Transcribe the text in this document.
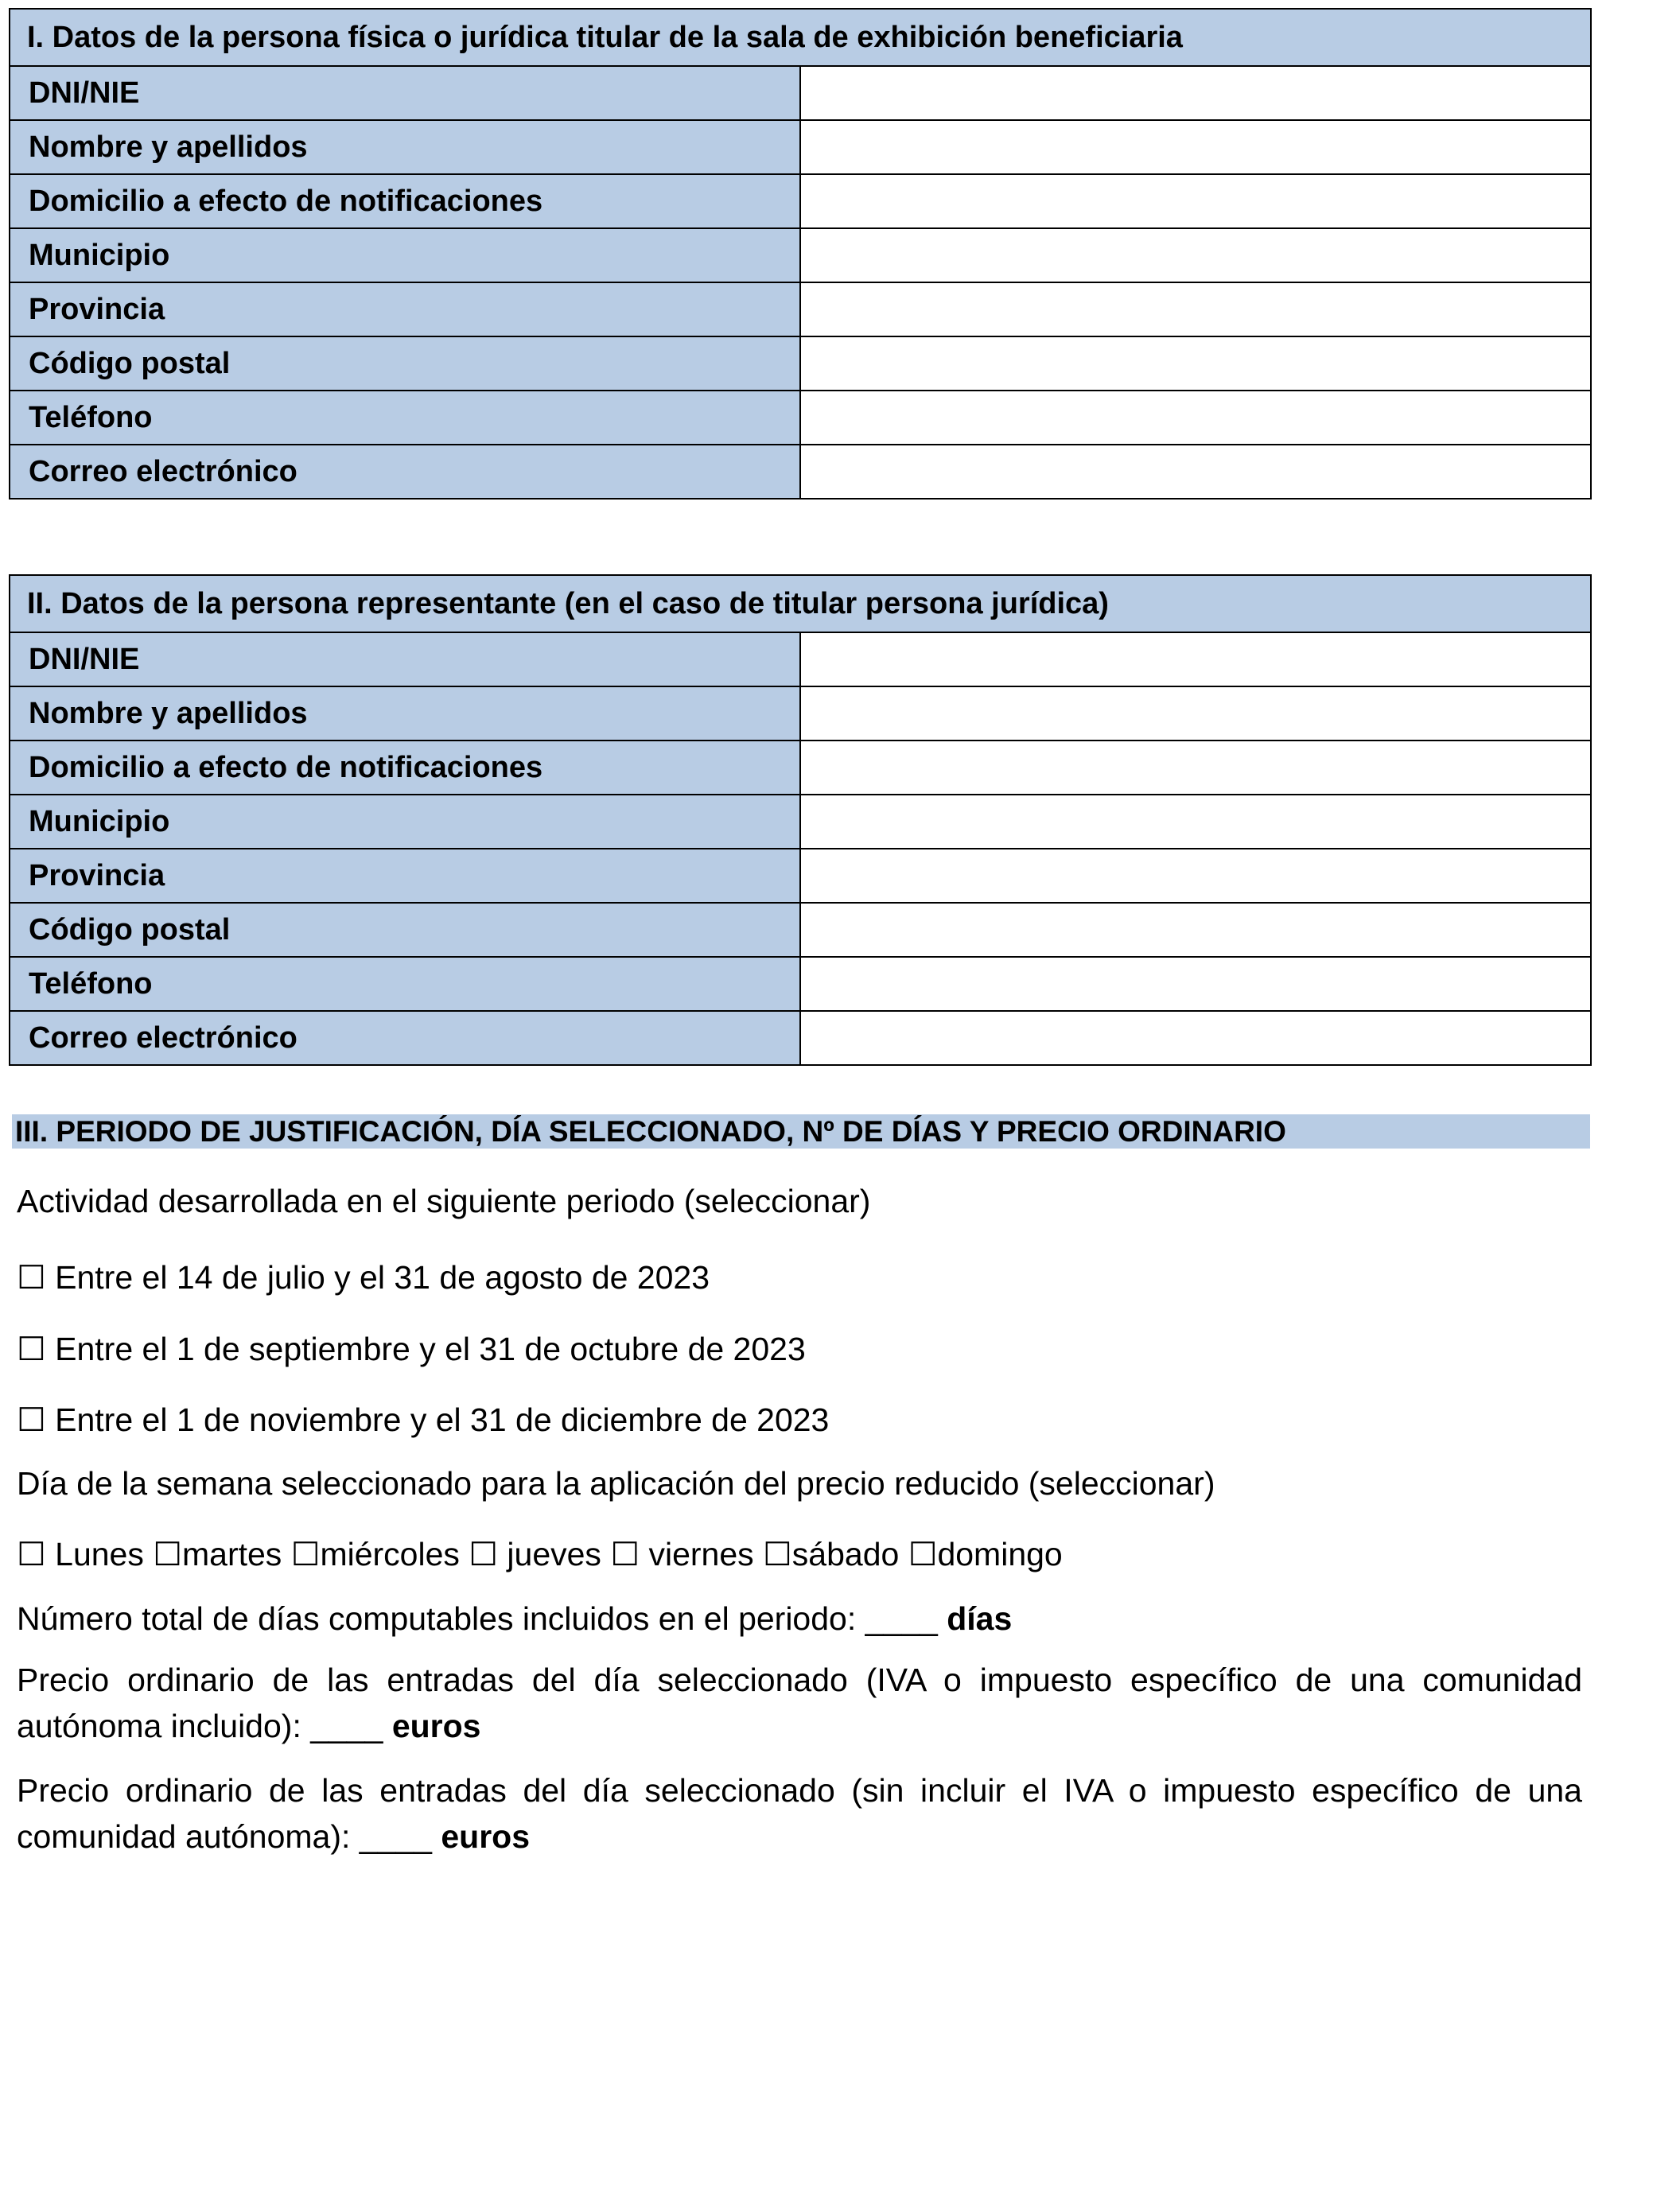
I. Datos de la persona física o jurídica titular de la sala de exhibición beneficiaria	
DNI/NIE	
Nombre y apellidos	
Domicilio a efecto de notificaciones	
Municipio	
Provincia	
Código postal	
Teléfono	
Correo electrónico	
II. Datos de la persona representante (en el caso de titular persona jurídica)	
DNI/NIE	
Nombre y apellidos	
Domicilio a efecto de notificaciones	
Municipio	
Provincia	
Código postal	
Teléfono	
Correo electrónico	
III. PERIODO DE JUSTIFICACIÓN, DÍA SELECCIONADO, Nº DE DÍAS Y PRECIO ORDINARIO
Actividad desarrollada en el siguiente periodo (seleccionar)
☐ Entre el 14 de julio y el 31 de agosto de 2023
☐ Entre el 1 de septiembre y el 31 de octubre de 2023
☐ Entre el 1 de noviembre y el 31 de diciembre de 2023
Día de la semana seleccionado para la aplicación del precio reducido (seleccionar)
☐ Lunes ☐martes ☐miércoles ☐ jueves ☐ viernes ☐sábado ☐domingo
Número total de días computables incluidos en el periodo: ____ días
Precio ordinario de las entradas del día seleccionado (IVA o impuesto específico de una comunidad autónoma incluido): ____ euros
Precio ordinario de las entradas del día seleccionado (sin incluir el IVA o impuesto específico de una comunidad autónoma): ____ euros
